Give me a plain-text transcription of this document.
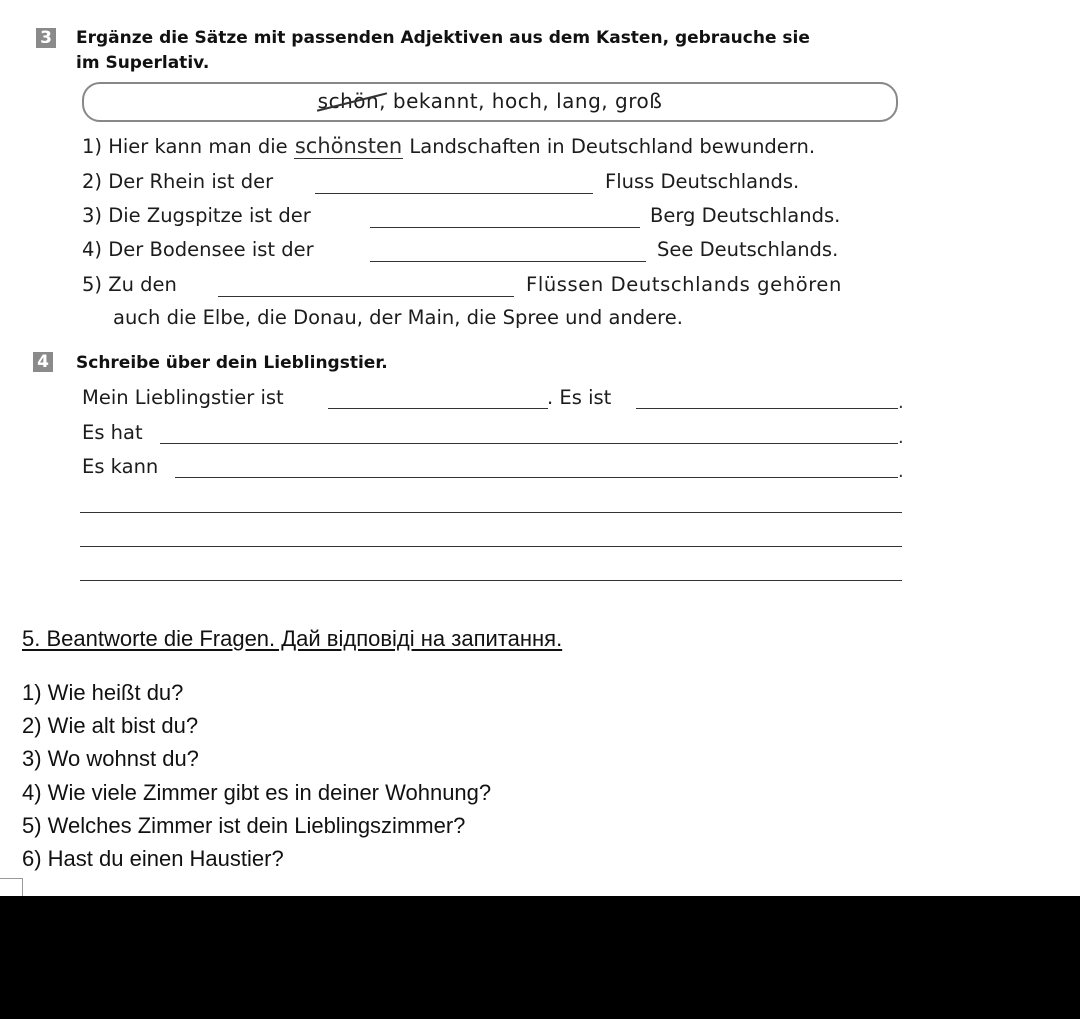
3 Ergänze die Sätze mit passenden Adjektiven aus dem Kasten, gebrauche sie
im Superlativ.
schön, bekannt, hoch, lang, groß
1) Hier kann man die schönsten Landschaften in Deutschland bewundern.
2) Der Rhein ist der	Fluss Deutschlands.
3) Die Zugspitze ist der	Berg Deutschlands.
4) Der Bodensee ist der	See Deutschlands.
5) Zu den	Flüssen Deutschlands gehören
auch die Elbe, die Donau, der Main, die Spree und andere.
4 Schreibe über dein Lieblingstier.
Mein Lieblingstier ist	. Es ist	.
Es hat	.
Es kann	.
5. Beantworte die Fragen. Дай відповіді на запитання.
1) Wie heißt du?
2) Wie alt bist du?
3) Wo wohnst du?
4) Wie viele Zimmer gibt es in deiner Wohnung?
5) Welches Zimmer ist dein Lieblingszimmer?
6) Hast du einen Haustier?
